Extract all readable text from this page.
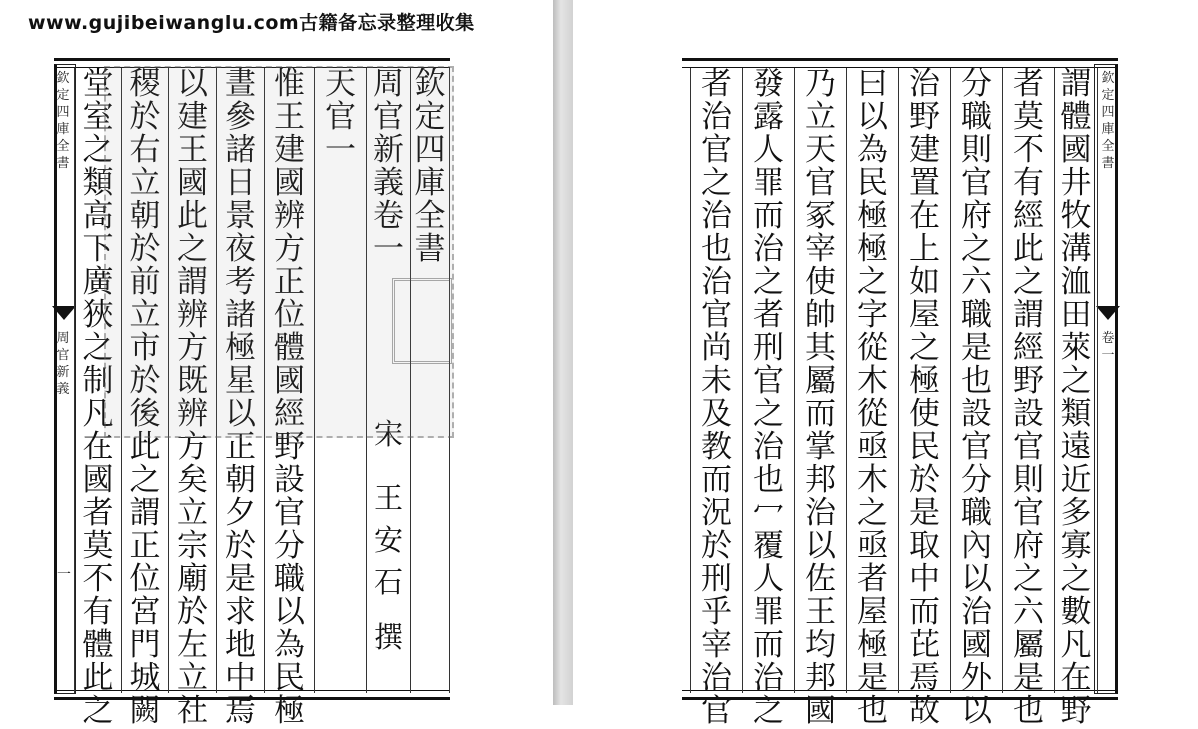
www.gujibeiwanglu.com古籍备忘录整理收集
欽
定
四
庫
全
書
周
官
新
義
一
堂
室
之
類
高
下
廣
狹
之
制
凡
在
國
者
莫
不
有
體
此
之
稷
於
右
立
朝
於
前
立
市
於
後
此
之
謂
正
位
宮
門
城
闕
以
建
王
國
此
之
謂
辨
方
既
辨
方
矣
立
宗
廟
於
左
立
社
晝
參
諸
日
景
夜
考
諸
極
星
以
正
朝
夕
於
是
求
地
中
焉
惟
王
建
國
辨
方
正
位
體
國
經
野
設
官
分
職
以
為
民
極
天
官
一
周
官
新
義
卷
一
宋
王
安
石
撰
欽
定
四
庫
全
書
欽
定
四
庫
全
書
卷
一
者
治
官
之
治
也
治
官
尚
未
及
教
而
況
於
刑
乎
宰
治
官
發
露
人
罪
而
治
之
者
刑
官
之
治
也
冖
覆
人
罪
而
治
之
乃
立
天
官
冢
宰
使
帥
其
屬
而
掌
邦
治
以
佐
王
均
邦
國
曰
以
為
民
極
極
之
字
從
木
從
亟
木
之
亟
者
屋
極
是
也
治
野
建
置
在
上
如
屋
之
極
使
民
於
是
取
中
而
芘
焉
故
分
職
則
官
府
之
六
職
是
也
設
官
分
職
內
以
治
國
外
以
者
莫
不
有
經
此
之
謂
經
野
設
官
則
官
府
之
六
屬
是
也
謂
體
國
井
牧
溝
洫
田
萊
之
類
遠
近
多
寡
之
數
凡
在
野
